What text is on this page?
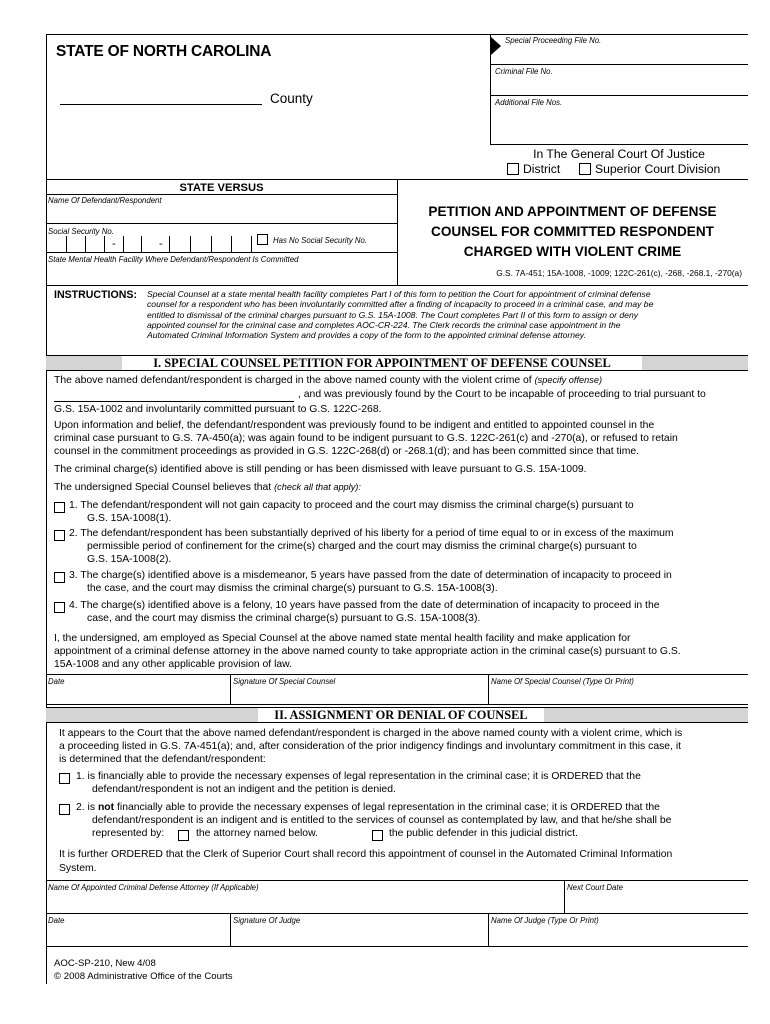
STATE OF NORTH CAROLINA
County
Special Proceeding File No.
Criminal File No.
Additional File Nos.
In The General Court Of Justice
District	Superior Court Division
STATE VERSUS
Name Of Defendant/Respondent
Social Security No.
-	-	Has No Social Security No.
State Mental Health Facility Where Defendant/Respondent Is Committed
PETITION AND APPOINTMENT OF DEFENSE
COUNSEL FOR COMMITTED RESPONDENT
CHARGED WITH VIOLENT CRIME
G.S. 7A-451; 15A-1008, -1009; 122C-261(c), -268, -268.1, -270(a)
INSTRUCTIONS: Special Counsel at a state mental health facility completes Part I of this form to petition the Court for appointment of criminal defense
counsel for a respondent who has been involuntarily committed after a finding of incapacity to proceed in a criminal case, and may be
entitled to dismissal of the criminal charges pursuant to G.S. 15A-1008. The Court completes Part II of this form to assign or deny
appointed counsel for the criminal case and completes AOC-CR-224. The Clerk records the criminal case appointment in the
Automated Criminal Information System and provides a copy of the form to the appointed criminal defense attorney.
I. SPECIAL COUNSEL PETITION FOR APPOINTMENT OF DEFENSE COUNSEL
The above named defendant/respondent is charged in the above named county with the violent crime of (specify offense)
, and was previously found by the Court to be incapable of proceeding to trial pursuant to
G.S. 15A-1002 and involuntarily committed pursuant to G.S. 122C-268.
Upon information and belief, the defendant/respondent was previously found to be indigent and entitled to appointed counsel in the
criminal case pursuant to G.S. 7A-450(a); was again found to be indigent pursuant to G.S. 122C-261(c) and -270(a), or refused to retain
counsel in the commitment proceedings as provided in G.S. 122C-268(d) or -268.1(d); and has been committed since that time.
The criminal charge(s) identified above is still pending or has been dismissed with leave pursuant to G.S. 15A-1009.
The undersigned Special Counsel believes that (check all that apply):
1. The defendant/respondent will not gain capacity to proceed and the court may dismiss the criminal charge(s) pursuant to
G.S. 15A-1008(1).
2. The defendant/respondent has been substantially deprived of his liberty for a period of time equal to or in excess of the maximum
permissible period of confinement for the crime(s) charged and the court may dismiss the criminal charge(s) pursuant to
G.S. 15A-1008(2).
3. The charge(s) identified above is a misdemeanor, 5 years have passed from the date of determination of incapacity to proceed in
the case, and the court may dismiss the criminal charge(s) pursuant to G.S. 15A-1008(3).
4. The charge(s) identified above is a felony, 10 years have passed from the date of determination of incapacity to proceed in the
case, and the court may dismiss the criminal charge(s) pursuant to G.S. 15A-1008(3).
I, the undersigned, am employed as Special Counsel at the above named state mental health facility and make application for
appointment of a criminal defense attorney in the above named county to take appropriate action in the criminal case(s) pursuant to G.S.
15A-1008 and any other applicable provision of law.
Date	Signature Of Special Counsel	Name Of Special Counsel (Type Or Print)
II. ASSIGNMENT OR DENIAL OF COUNSEL
It appears to the Court that the above named defendant/respondent is charged in the above named county with a violent crime, which is
a proceeding listed in G.S. 7A-451(a); and, after consideration of the prior indigency findings and involuntary commitment in this case, it
is determined that the defendant/respondent:
1. is financially able to provide the necessary expenses of legal representation in the criminal case; it is ORDERED that the
defendant/respondent is not an indigent and the petition is denied.
2. is not financially able to provide the necessary expenses of legal representation in the criminal case; it is ORDERED that the
defendant/respondent is an indigent and is entitled to the services of counsel as contemplated by law, and that he/she shall be
represented by:	the attorney named below.	the public defender in this judicial district.
It is further ORDERED that the Clerk of Superior Court shall record this appointment of counsel in the Automated Criminal Information
System.
Name Of Appointed Criminal Defense Attorney (If Applicable)	Next Court Date
Date	Signature Of Judge	Name Of Judge (Type Or Print)
AOC-SP-210, New 4/08
© 2008 Administrative Office of the Courts
